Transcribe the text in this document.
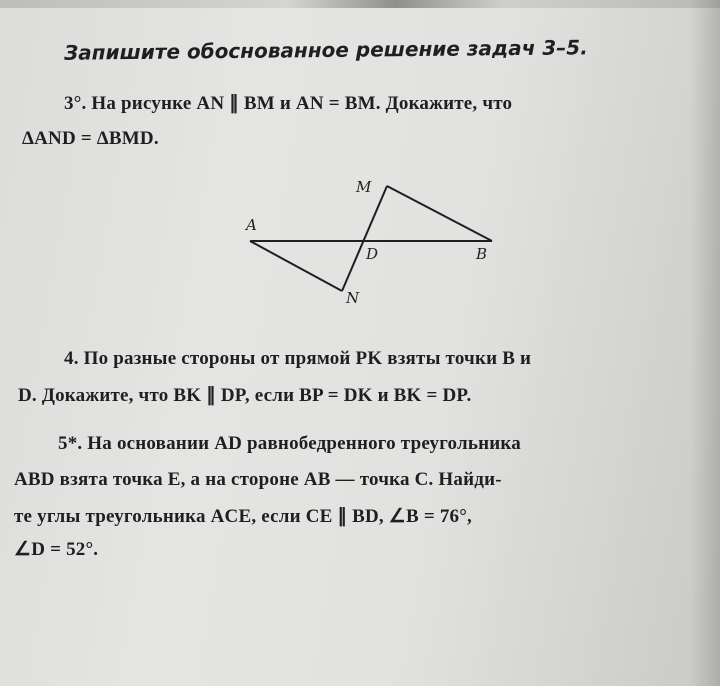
Запишите обоснованное решение задач 3–5.
3°. На рисунке AN ∥ BM и AN = BM. Докажите, что
ΔAND = ΔBMD.
A
M
D	B
N
4. По разные стороны от прямой PK взяты точки B и
D. Докажите, что BK ∥ DP, если BP = DK и BK = DP.
5*. На основании AD равнобедренного треугольника
ABD взята точка E, а на стороне AB — точка C. Найди-
те углы треугольника ACE, если CE ∥ BD, ∠B = 76°,
∠D = 52°.
